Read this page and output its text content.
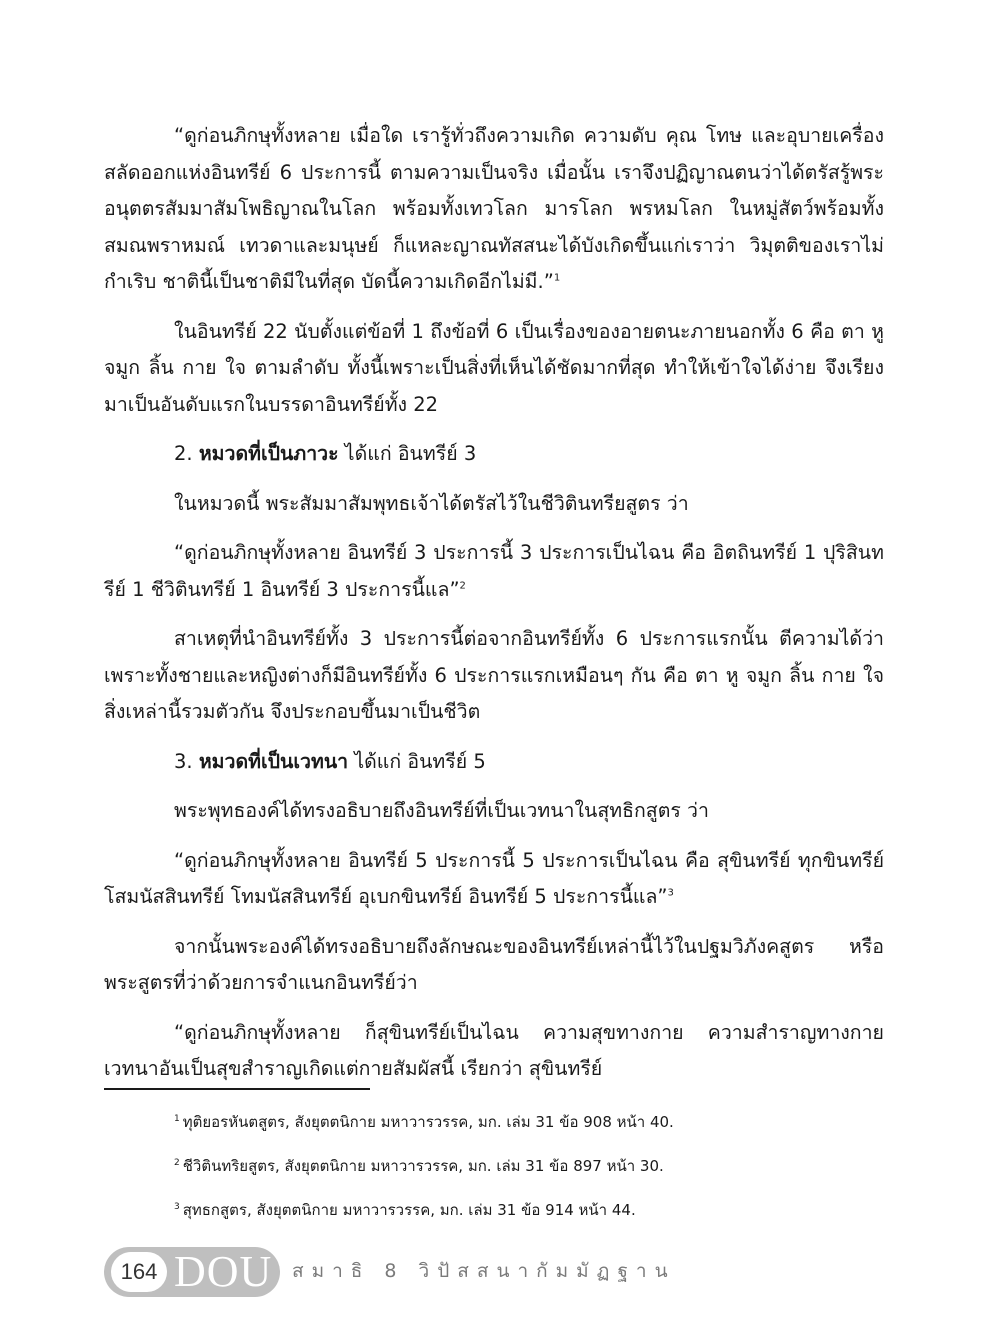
“ดูก่อนภิกษุทั้งหลาย เมื่อใด เรารู้ทั่วถึงความเกิด ความดับ คุณ โทษ และอุบายเครื่องสลัดออกแห่งอินทรีย์ 6 ประการนี้ ตามความเป็นจริง เมื่อนั้น เราจึงปฏิญาณตนว่าได้ตรัสรู้พระอนุตตรสัมมาสัมโพธิญาณในโลก พร้อมทั้งเทวโลก มารโลก พรหมโลก ในหมู่สัตว์พร้อมทั้งสมณพราหมณ์ เทวดาและมนุษย์ ก็แหละญาณทัสสนะได้บังเกิดขึ้นแก่เราว่า วิมุตติของเราไม่กำเริบ ชาตินี้เป็นชาติมีในที่สุด บัดนี้ความเกิดอีกไม่มี.”$^1$

ในอินทรีย์ 22 นับตั้งแต่ข้อที่ 1 ถึงข้อที่ 6 เป็นเรื่องของอายตนะภายนอกทั้ง 6 คือ ตา หู จมูก ลิ้น กาย ใจ ตามลำดับ ทั้งนี้เพราะเป็นสิ่งที่เห็นได้ชัดมากที่สุด ทำให้เข้าใจได้ง่าย จึงเรียงมาเป็นอันดับแรกในบรรดาอินทรีย์ทั้ง 22

2. หมวดที่เป็นภาวะ ได้แก่ อินทรีย์ 3

ในหมวดนี้ พระสัมมาสัมพุทธเจ้าได้ตรัสไว้ในชีวิตินทรียสูตร ว่า

“ดูก่อนภิกษุทั้งหลาย อินทรีย์ 3 ประการนี้ 3 ประการเป็นไฉน คือ อิตถินทรีย์ 1 ปุริสินทรีย์ 1 ชีวิตินทรีย์ 1 อินทรีย์ 3 ประการนี้แล”$^2$

สาเหตุที่นำอินทรีย์ทั้ง 3 ประการนี้ต่อจากอินทรีย์ทั้ง 6 ประการแรกนั้น ตีความได้ว่า เพราะทั้งชายและหญิงต่างก็มีอินทรีย์ทั้ง 6 ประการแรกเหมือนๆ กัน คือ ตา หู จมูก ลิ้น กาย ใจ สิ่งเหล่านี้รวมตัวกัน จึงประกอบขึ้นมาเป็นชีวิต

3. หมวดที่เป็นเวทนา ได้แก่ อินทรีย์ 5

พระพุทธองค์ได้ทรงอธิบายถึงอินทรีย์ที่เป็นเวทนาในสุทธิกสูตร ว่า

“ดูก่อนภิกษุทั้งหลาย อินทรีย์ 5 ประการนี้ 5 ประการเป็นไฉน คือ สุขินทรีย์ ทุกขินทรีย์ โสมนัสสินทรีย์ โทมนัสสินทรีย์ อุเบกขินทรีย์ อินทรีย์ 5 ประการนี้แล”$^3$

จากนั้นพระองค์ได้ทรงอธิบายถึงลักษณะของอินทรีย์เหล่านี้ไว้ในปฐมวิภังคสูตร หรือ พระสูตรที่ว่าด้วยการจำแนกอินทรีย์ว่า

“ดูก่อนภิกษุทั้งหลาย ก็สุขินทรีย์เป็นไฉน ความสุขทางกาย ความสำราญทางกาย เวทนาอันเป็นสุขสำราญเกิดแต่กายสัมผัสนี้ เรียกว่า สุขินทรีย์

$^1$ ทุติยอรหันตสูตร, สังยุตตนิกาย มหาวารวรรค, มก. เล่ม 31 ข้อ 908 หน้า 40.
$^2$ ชีวิตินทริยสูตร, สังยุตตนิกาย มหาวารวรรค, มก. เล่ม 31 ข้อ 897 หน้า 30.
$^3$ สุทธกสูตร, สังยุตตนิกาย มหาวารวรรค, มก. เล่ม 31 ข้อ 914 หน้า 44.
164 DOU สมาธิ 8 วิปัสสนากัมมัฏฐาน
